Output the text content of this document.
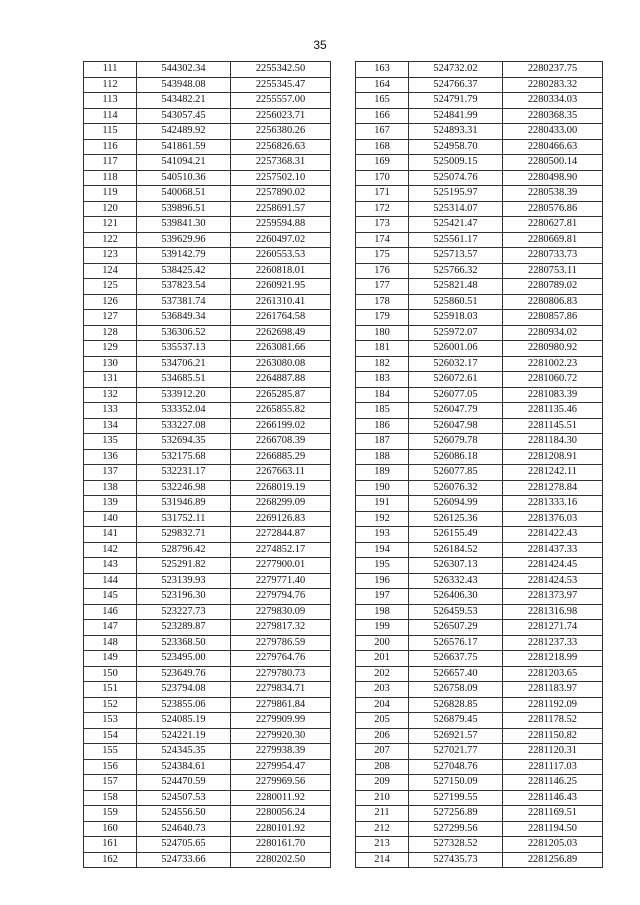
35
111	544302.34	2255342.50
112	543948.08	2255345.47
113	543482.21	2255557.00
114	543057.45	2256023.71
115	542489.92	2256380.26
116	541861.59	2256826.63
117	541094.21	2257368.31
118	540510.36	2257502.10
119	540068.51	2257890.02
120	539896.51	2258691.57
121	539841.30	2259594.88
122	539629.96	2260497.02
123	539142.79	2260553.53
124	538425.42	2260818.01
125	537823.54	2260921.95
126	537381.74	2261310.41
127	536849.34	2261764.58
128	536306.52	2262698.49
129	535537.13	2263081.66
130	534706.21	2263080.08
131	534685.51	2264887.88
132	533912.20	2265285.87
133	533352.04	2265855.82
134	533227.08	2266199.02
135	532694.35	2266708.39
136	532175.68	2266885.29
137	532231.17	2267663.11
138	532246.98	2268019.19
139	531946.89	2268299.09
140	531752.11	2269126.83
141	529832.71	2272844.87
142	528796.42	2274852.17
143	525291.82	2277900.01
144	523139.93	2279771.40
145	523196.30	2279794.76
146	523227.73	2279830.09
147	523289.87	2279817.32
148	523368.50	2279786.59
149	523495.00	2279764.76
150	523649.76	2279780.73
151	523794.08	2279834.71
152	523855.06	2279861.84
153	524085.19	2279909.99
154	524221.19	2279920.30
155	524345.35	2279938.39
156	524384.61	2279954.47
157	524470.59	2279969.56
158	524507.53	2280011.92
159	524556.50	2280056.24
160	524640.73	2280101.92
161	524705.65	2280161.70
162	524733.66	2280202.50
163	524732.02	2280237.75
164	524766.37	2280283.32
165	524791.79	2280334.03
166	524841.99	2280368.35
167	524893.31	2280433.00
168	524958.70	2280466.63
169	525009.15	2280500.14
170	525074.76	2280498.90
171	525195.97	2280538.39
172	525314.07	2280576.86
173	525421.47	2280627.81
174	525561.17	2280669.81
175	525713.57	2280733.73
176	525766.32	2280753.11
177	525821.48	2280789.02
178	525860.51	2280806.83
179	525918.03	2280857.86
180	525972.07	2280934.02
181	526001.06	2280980.92
182	526032.17	2281002.23
183	526072.61	2281060.72
184	526077.05	2281083.39
185	526047.79	2281135.46
186	526047.98	2281145.51
187	526079.78	2281184.30
188	526086.18	2281208.91
189	526077.85	2281242.11
190	526076.32	2281278.84
191	526094.99	2281333.16
192	526125.36	2281376.03
193	526155.49	2281422.43
194	526184.52	2281437.33
195	526307.13	2281424.45
196	526332.43	2281424.53
197	526406.30	2281373.97
198	526459.53	2281316.98
199	526507.29	2281271.74
200	526576.17	2281237.33
201	526637.75	2281218.99
202	526657.40	2281203.65
203	526758.09	2281183.97
204	526828.85	2281192.09
205	526879.45	2281178.52
206	526921.57	2281150.82
207	527021.77	2281120.31
208	527048.76	2281117.03
209	527150.09	2281146.25
210	527199.55	2281146.43
211	527256.89	2281169.51
212	527299.56	2281194.50
213	527328.52	2281205.03
214	527435.73	2281256.89
